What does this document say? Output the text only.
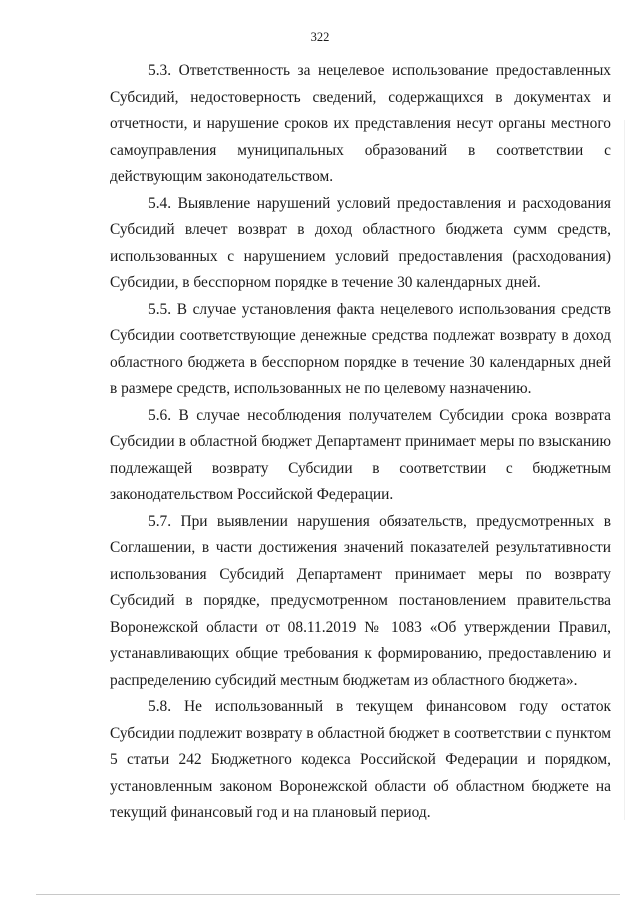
322

5.3. Ответственность за нецелевое использование предоставленных Субсидий, недостоверность сведений, содержащихся в документах и отчетности, и нарушение сроков их представления несут органы местного самоуправления муниципальных образований в соответствии с действующим законодательством.

5.4. Выявление нарушений условий предоставления и расходования Субсидий влечет возврат в доход областного бюджета сумм средств, использованных с нарушением условий предоставления (расходования) Субсидии, в бесспорном порядке в течение 30 календарных дней.

5.5. В случае установления факта нецелевого использования средств Субсидии соответствующие денежные средства подлежат возврату в доход областного бюджета в бесспорном порядке в течение 30 календарных дней в размере средств, использованных не по целевому назначению.

5.6. В случае несоблюдения получателем Субсидии срока возврата Субсидии в областной бюджет Департамент принимает меры по взысканию подлежащей возврату Субсидии в соответствии с бюджетным законодательством Российской Федерации.

5.7. При выявлении нарушения обязательств, предусмотренных в Соглашении, в части достижения значений показателей результативности использования Субсидий Департамент принимает меры по возврату Субсидий в порядке, предусмотренном постановлением правительства Воронежской области от 08.11.2019 № 1083 «Об утверждении Правил, устанавливающих общие требования к формированию, предоставлению и распределению субсидий местным бюджетам из областного бюджета».

5.8. Не использованный в текущем финансовом году остаток Субсидии подлежит возврату в областной бюджет в соответствии с пунктом 5 статьи 242 Бюджетного кодекса Российской Федерации и порядком, установленным законом Воронежской области об областном бюджете на текущий финансовый год и на плановый период.
